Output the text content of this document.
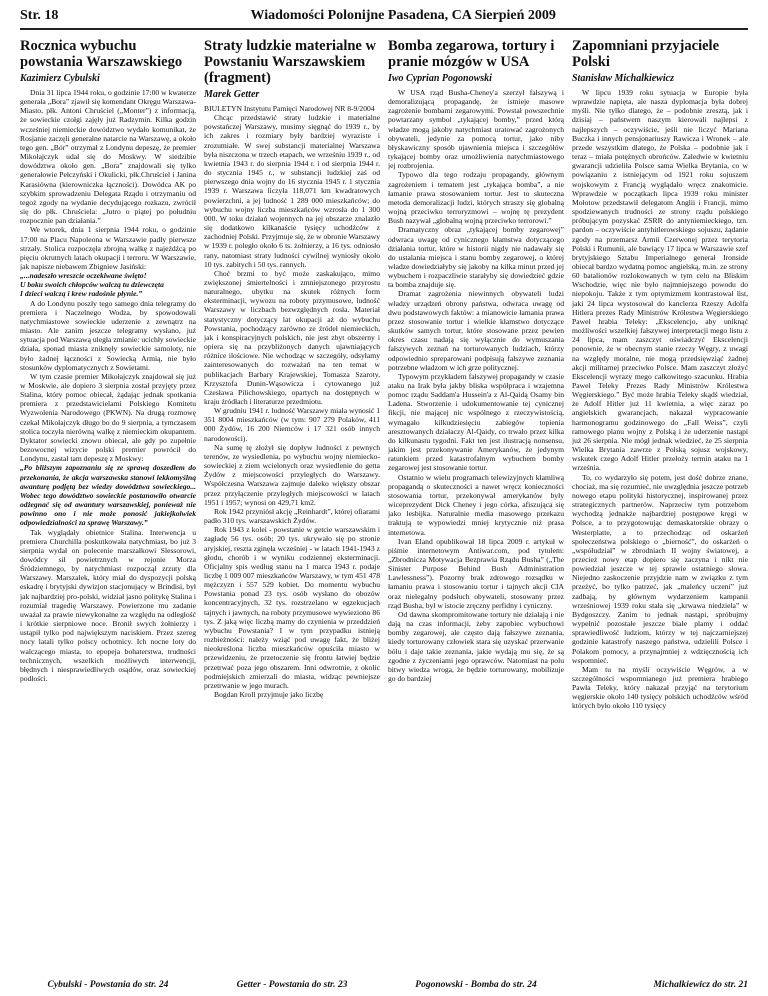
Str. 18	Wiadomości Polonijne Pasadena, CA Sierpień 2009
Rocznica wybuchu powstania Warszawskiego
Kazimierz Cybulski

Dnia 31 lipca 1944 roku, o godzinie 17:00 w kwaterze generała „Bora” zjawił się komendant Okręgu Warszawa-Miasto, płk. Antoni Chruściel („Monter”) z informacją, że sowieckie czołgi zajęły już Radzymin. Kilka godzin wcześniej niemieckie dowództwo wydało komunikat, że Rosjanie zaczęli generalne natarcie na Warszawę, a około tego gen. „Bór” otrzymał z Londynu depeszę, że premier Mikołajczyk udał się do Moskwy. W siedzibie dowództwa około gen. „Bora” znajdowali się tylko generałowie Pełczyński i Okulicki, płk.Chruściel i Janina Karasiówna (kierowniczka łączności). Dowódca AK po szybkim sprowadzeniu Delegata Rządu i otrzymaniu od tegoż zgody na wydanie decydującego rozkazu, zwrócił się do płk. Chruściela: „Jutro o piątej po południu rozpocznie pan działania.”

We wtorek, dnia 1 sierpnia 1944 roku, o godzinie 17:00 na Placu Napoleona w Warszawie padły pierwsze strzały. Stolica rozpoczęła zbrojną walkę z najeźdźcą po pięciu okrutnych latach okupacji i terroru. W Warszawie, jak napisze niebawem Zbigniew Jasiński:

„...nadeszło wreszcie oczekiwane święto!

U boku swoich chłopców walczą tu dziewczęta

I dzieci walczą i krew radośnie płynie.”

A do Londynu poszły tego samego dnia telegramy do premiera i Naczelnego Wodza, by spowodowali natychmiastowe sowieckie uderzenie z zewnątrz na miasto. Ale zanim jeszcze telegramy wysłano, już sytuacja pod Warszawą uległa zmianie: ucichły sowieckie działa, sponad miasta zniknęły sowieckie samoloty, nie było żadnej łączności z Sowiecką Armią, nie było stosunków dyplomatycznych z Sowietami.

W tym czasie premier Mikołajczyk znajdował się już w Moskwie, ale dopiero 3 sierpnia został przyjęty przez Stalina, który pomoc obiecał, żądając jednak spotkania premiera z przedstawicielami Polskiego Komitetu Wyzwolenia Narodowego (PKWN). Na drugą rozmowę czekał Mikołajczyk długo bo do 9 sierpnia, a tymczasem stolica toczyła nierówną walkę z niemieckim okupantem. Dyktator sowiecki znowu obiecał, ale gdy po zupełnie bezowocnej wizycie polski premier powrócił do Londynu, zastał tam depeszę z Moskwy:

„Po bliższym zapoznaniu się ze sprawą doszedłem do przekonania, że akcja warszawska stanowi lekkomyślną awanturę podjętą bez wiedzy dowództwa sowieckiego... Wobec tego dowództwo sowieckie postanowiło otwarcie odżegnać się od awantury warszawskiej, ponieważ nie powinno ono i nie może ponosić jakiejkolwiek odpowiedzialności za sprawę Warszawy.”

Tak wyglądały obietnice Stalina. Interwencja u premiera Churchilla poskutkowała natychmiast, bo już 3 sierpnia wydał on polecenie marszałkowi Slessorowi, dowódcy sił powietrznych w rejonie Morza Śródziemnego, by natychmiast rozpoczął zrzuty dla Warszawy. Marszałek, który miał do dyspozycji polską eskadrę i brytyjski dywizjon stacjonujący w Brindisi, był jak najbardziej pro-polski, widział jasno politykę Stalina i rozumiał tragedię Warszawy. Powierzone mu zadanie uważał za prawie niewykonalne za względu na odległość i krótkie sierpniowe noce. Bronił swych żołnierzy i ustąpił tylko pod największym naciskiem. Przez szereg nocy latali tylko polscy ochotnicy. Ich nocne loty do walczącego miasta, to epopeja bohaterstwa, trudności technicznych, wszelkich możliwych interwencji, błędnych i niesprawiedliwych osądów, oraz sowieckiej podłości.

Cybulski - Powstania do str. 24
Straty ludzkie materialne w Powstaniu Warszawskiem (fragment)
Marek Getter

BIULETYN Instytutu Pamięci Narodowej NR 8-9/2004

Chcąc przedstawić straty ludzkie i materialne powstańczej Warszawy, musimy sięgnąć do 1939 r., by ich zakres i rozmiary były bardziej wyraziste i zrozumiałe. W swej substancji materialnej Warszawa była niszczona w trzech etapach, we wrześniu 1939 r., od kwietnia 1943 r. do sierpnia 1944 r. i od sierpnia 1944 r. do stycznia 1945 r., w substancji ludzkiej zaś od pierwszego dnia wojny do 16 stycznia 1945 r. 1 stycznia 1939 r. Warszawa liczyła 118,071 km kwadratowych powierzchni, a jej ludność 1 289 000 mieszkańców; do wybuchu wojny liczba mieszkańców wzrosła do 1 300 000. W toku działań wojennych na jej obszarze znalazło się dodatkowo kilkanaście tysięcy uchodźców z zachodniej Polski. Przyjmuje się, że w obronie Warszawy w 1939 r. poległo około 6 ts. żołnierzy, a 16 tys. odniosło rany, natomiast straty ludności cywilnej wyniosły około 10 tys. zabitych i 50 tys. rannych.

Choć brzmi to być może zaskakująco, mimo zwiększonej śmiertelności i zmniejszonego przyrostu naturalnego, ubytku na skutek różnych form eksterminacji, wywozu na roboty przymusowe, ludność Warszawy w liczbach bezwzględnych rosła. Materiał statystyczny dotyczący lat okupacji aż do wybuchu Powstania, pochodzący zarówno ze źródeł niemieckich, jak i konspiracyjnych polskich, nie jest zbyt obszerny i opiera się na przybliżonych danych ujawniających różnice ilościowe. Nie wchodząc w szczegóły, odsyłamy zainteresowanych do rozważań na ten temat w publikacjach Barbary Krajewskiej, Tomasza Szaroty, Krzysztofa Dunin-Wąsowicza i cytowanego już Czesława Pilichowskiego, opartych na dostępnych w kraju źródłach i literaturze przedmiotu.

W grudniu 1941 r. ludność Warszawy miała wynosić 1 351 8004 mieszkańców (w tym: 907 279 Polaków, 411 000 Żydów, 16 200 Niemców i 17 321 osób innych narodowości).

Na sumę tę złożył się dopływ ludności z pewnych terenów, ze wysiedlenia, po wybuchu wojny niemiecko-sowieckiej z ziem wcielonych oraz wysiedlenie do getta Żydów z miejscowości przyległych do Warszawy. Współczesna Warszawa zajmuje daleko większy obszar przez przyłączenie przyległych miejscowości w latach 1951 i 1957; wynosi on 429,71 km2.

Rok 1942 przyniósł akcję „Reinhardt”, której ofiarami padło 310 tys. warszawskich Żydów.

Rok 1943 z kolei - powstanie w getcie warszawskim i zagładę 56 tys. osób; 20 tys. ukrywało się po stronie aryjskiej, reszta zginęła wcześniej - w latach 1941-1943 z głodu, chorób i w wyniku codziennej eksterminacji. Oficjalny spis według stanu na 1 marca 1943 r. podaje liczbę 1 009 007 mieszkańców Warszawy, w tym 451 478 mężczyzn i 557 529 kobiet. Do momentu wybuchu Powstania ponad 23 tys. osób wysłano do obozów koncentracyjnych, 32 tys. rozstrzelano w egzekucjach tajnych i jawnych, na roboty przymusowe wywieziono 86 tys. Z jaką więc liczbą mamy do czynienia w przeddzień wybuchu Powstania? I w tym przypadku istnieją rozbieżności: należy wziąć pod uwagę fakt, że bliżej nieokreślona liczba mieszkańców opuściła miasto w przewidzeniu, że przetoczenie się frontu łatwiej będzie przetrwać poza jego obszarem. Inni odwrotnie, z okolic podmiejskich zmierzali do miasta, widząc pewniejsze przetrwanie w jego murach.

Bogdan Kroll przyjmuje jako liczbę

Getter - Powstania do str. 23
Bomba zegarowa, tortury i pranie mózgów w USA
Iwo Cyprian Pogonowski

W USA rząd Busha-Cheney'a szerzył fałszywą i demoralizującą propagandę, że istnieje masowe zagrożenie bombami zegarowymi. Powstał powszechnie powtarzany symbol „tykającej bomby,” przed którą władze mogą jakoby natychmiast uratować zagrożonych obywateli, jedynie za pomocą tortur, jako niby błyskawiczny sposób ujawnienia miejsca i szczegółów tykającej bomby oraz umożliwienia natychmiastowego jej rozbrojenia.

Typowo dla tego rodzaju propagandy, głównym zagrożeniem i tematem jest „tykająca bomba”, a nie łamanie prawa stosowaniem tortur. Jest to skuteczna metoda demoralizacji ludzi, których straszy się globalną wojną przeciwko terroryzmowi – wojnę tę prezydent Bush nazywał „globalną wojną przeciwko terrorowi.”

Dramatyczny obraz „tykającej bomby zegarowej” odwraca uwagę od cynicznego kłamstwa dotyczącego działania tortur, które w historii nigdy nie nadawały się do ustalania miejsca i stanu bomby zegarowej, o której władze dowiedziałyby się jakoby na kilka minut przed jej wybuchem i rozpaczliwie starałyby się dowiedzieć gdzie ta bomba znajduje się.

Dramat zagrożenia niewinnych obywateli ludzi władzy urządzeń obrony państwa, odwraca uwagę od dwu podstawowych faktów: a mianowicie łamania prawa przez stosowanie tortur i wielkie kłamstwo dotyczące skutków samych tortur, które stosowane przez pewien okres czasu nadają się wyłącznie do wymuszania fałszywych zeznań na torturowanych ludziach, którzy odpowiednio spreparowani podpisują fałszywe zeznania potrzebne władzom w ich grze politycznej.

Typowym przykładem fałszywej propagandy w czasie ataku na Irak była jakby bliska współpraca i wzajemna pomoc rządu Saddam'a Hussein'a z Al-Qaidą Osamy bin Ladena. Stworzenie i udokumentowanie tej cynicznej fikcji, nie mającej nic wspólnego z rzeczywistością, wymagało kilkudziesięciu zabiegów topienia aresztowanych działaczy Al-Qaidy, co trwało przez kilka do kilkunastu tygodni. Fakt ten jest ilustracją nonsensu, jakim jest przekonywanie Amerykanów, że jedynym ratunkiem przed katastrofalnym wybuchem bomby zegarowej jest stosowanie tortur.

Ostatnio w wielu programach telewizyjnych kłamliwą propagandą o skuteczności a nawet wręcz konieczności stosowania tortur, przekonywał amerykanów były wiceprezydent Dick Cheney i jego córka, afiszująca się jako lesbijka. Naturalnie media masowego przekazu traktują te wypowiedzi mniej krytycznie niż prasa internetowa.

Ivan Eland opublikował 18 lipca 2009 r. artykuł w piśmie internetowym Antiwar.com, pod tytułem: „Zbrodnicza Motywacja Bezprawia Rządu Busha” („The Sinister Purpose Behind Bush Administration Lawlessness”). Pozorny brak zdrowego rozsądku w łamaniu prawa i stosowaniu tortur i tajnych akcji CIA oraz nielegalny podsłuch obywateli, stosowany przez rząd Busha, był w istocie zręczny perfidny i cyniczny.

Od dawna skompromitowane tortury nie działają i nie dają na czas informacji, żeby zapobiec wybuchowi bomby zegarowej, ale często dają fałszywe zeznania, kiedy torturowany człowiek stara się uzyskać przerwanie bólu i daje takie zeznania, jakie wydają mu się, że są zgodne z życzeniami jego oprawców. Natomiast na polu bitwy wiedza wroga, że będzie torturowany, mobilizuje go do bardziej

Pogonowski - Bomba do str. 24
Zapomniani przyjaciele Polski
Stanisław Michalkiewicz

W lipcu 1939 roku sytuacja w Europie była wprawdzie napięta, ale nasza dyplomacja była dobrej myśli. Nie tylko dlatego, że – podobnie zresztą, jak i dzisiaj – państwem naszym kierowali najlepsi z najlepszych – oczywiście, jeśli nie liczyć Mariana Buczka i innych pensjonariuszy Rawicza i Wronek – ale przede wszystkim dlatego, że Polska – podobnie jak i teraz – miała potężnych obrońców. Zaledwie w kwietniu gwarancji udzieliła Polsce sama Wielka Brytania, co w powiązaniu z istniejącym od 1921 roku sojuszem wojskowym z Francją wyglądało wręcz znakomicie. Wprawdzie w początkach lipca 1939 roku minister Mołotow przedstawił delegatom Anglii i Francji, mimo spodziewanych trudności ze strony rządu polskiego próbującym pozyskać ZSRR do antyniemieckiego, tzn. pardon – oczywiście antyhitlerowskiego sojuszu, żądanie zgody na przemarsz Armii Czerwonej przez terytoria Polski i Rumunii, ale bawiący 17 lipca w Warszawie szef brytyjskiego Sztabu Imperialnego generał Ironside obiecał bardzo wydatną pomoc angielską, m.in. ze strony 60 batalionów rozlokowanych w tym celu na Bliskim Wschodzie, więc nie było najmniejszego powodu do niepokoju. Także z tym optymizmem kontrastował list, jaki 24 lipca wystosował do kanclerza Rzeszy Adolfa Hitlera prezes Rady Ministrów Królestwa Węgierskiego Paweł hrabia Teleky: „Ekscelencjo, aby uniknąć możliwości wszelkiej fałszywej interpretacji mego listu z 24 lipca, mam zaszczyt oświadczyć Ekscelencji ponownie, że w obecnym stanie rzeczy Węgry, z uwagi na względy moralne, nie mogą przedsięwziąć żadnej akcji militarnej przeciwko Polsce. Mam zaszczyt złożyć Ekscelencji wyrazy mego całkowitego szacunku. Hrabia Paweł Teleky Prezes Rady Ministrów Królestwa Węgierskiego.” Być może hrabia Teleky skądś wiedział, że Adolf Hitler już 11 kwietnia, a więc zaraz po angielskich gwarancjach, nakazał wypracowanie harmonogramu godzinowego do „Fall Weiss”, czyli ramowego planu wojny z Polską i że uderzenie nastąpi już 26 sierpnia. Nie mógł jednak wiedzieć, że 25 sierpnia Wielka Brytania zawrze z Polską sojusz wojskowy, wskutek czego Adolf Hitler przełoży termin ataku na 1 września.

To, co wydarzyło się potem, jest dość dobrze znane, chociaż, ma się rozumieć, nie uwzględnia jeszcze potrzeb nowego etapu polityki historycznej, inspirowanej przez strategicznych partnerów. Naprzeciw tym potrzebom wychodzą jednakże najbardziej postępowe kręgi w Polsce, a to przygotowując demaskatorskie obrazy o Westerplatte, a to przechodząc od oskarżeń społeczeństwa polskiego o „bierność”, do oskarżeń o „współudział” w zbrodniach II wojny światowej, a przecież nowy etap dopiero się zaczyna i nikt nie powiedział jeszcze w tej sprawie ostatniego słowa. Niejedno zaskoczenie przyjdzie nam w związku z tym przeżyć, bo tylko patrzeć, jak „maleńcy uczeni” już zadbają, by głównym wydarzeniem kampanii wrześniowej 1939 roku stała się „krwawa niedziela” w Bydgoszczy. Zanim to jednak nastąpi, spróbujmy wypełnić pozostałe jeszcze białe plamy i oddać sprawiedliwość ludziom, którzy w tej najczarniejszej godzinie katastrofy naszego państwa, udzielili Polsce i Polakom pomocy, a przynajmniej z wdzięcznością ich wspomnieć.

Mam tu na myśli oczywiście Węgrów, a w szczególności wspomnianego już premiera hrabiego Pawła Teleky, który nakazał przyjąć na terytorium węgierskie około 140 tysięcy polskich uchodźców wśród których było około 110 tysięcy

Michalkiewicz do str. 21
